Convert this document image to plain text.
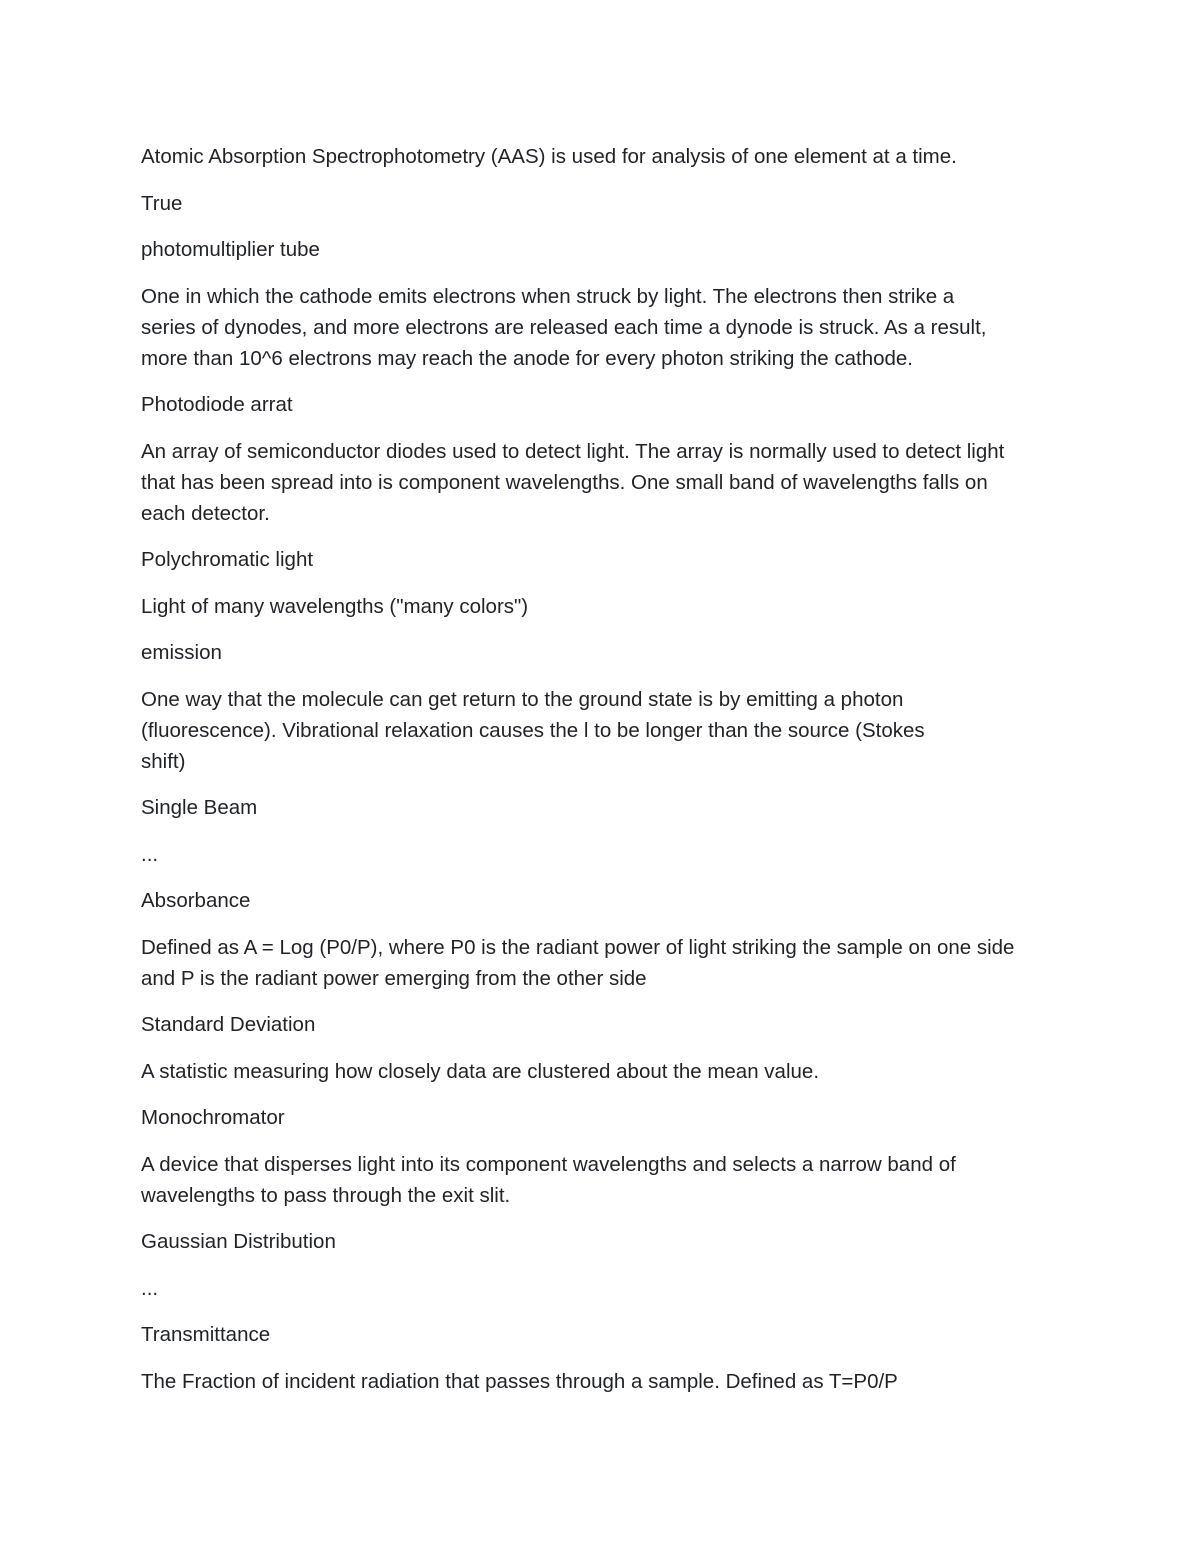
Atomic Absorption Spectrophotometry (AAS) is used for analysis of one element at a time.

True

photomultiplier tube

One in which the cathode emits electrons when struck by light. The electrons then strike a
series of dynodes, and more electrons are released each time a dynode is struck. As a result,
more than 10^6 electrons may reach the anode for every photon striking the cathode.

Photodiode arrat

An array of semiconductor diodes used to detect light. The array is normally used to detect light
that has been spread into is component wavelengths. One small band of wavelengths falls on
each detector.

Polychromatic light

Light of many wavelengths ("many colors")

emission

One way that the molecule can get return to the ground state is by emitting a photon
(fluorescence). Vibrational relaxation causes the l to be longer than the source (Stokes
shift)

Single Beam

...

Absorbance

Defined as A = Log (P0/P), where P0 is the radiant power of light striking the sample on one side
and P is the radiant power emerging from the other side

Standard Deviation

A statistic measuring how closely data are clustered about the mean value.

Monochromator

A device that disperses light into its component wavelengths and selects a narrow band of
wavelengths to pass through the exit slit.

Gaussian Distribution

...

Transmittance

The Fraction of incident radiation that passes through a sample. Defined as T=P0/P
